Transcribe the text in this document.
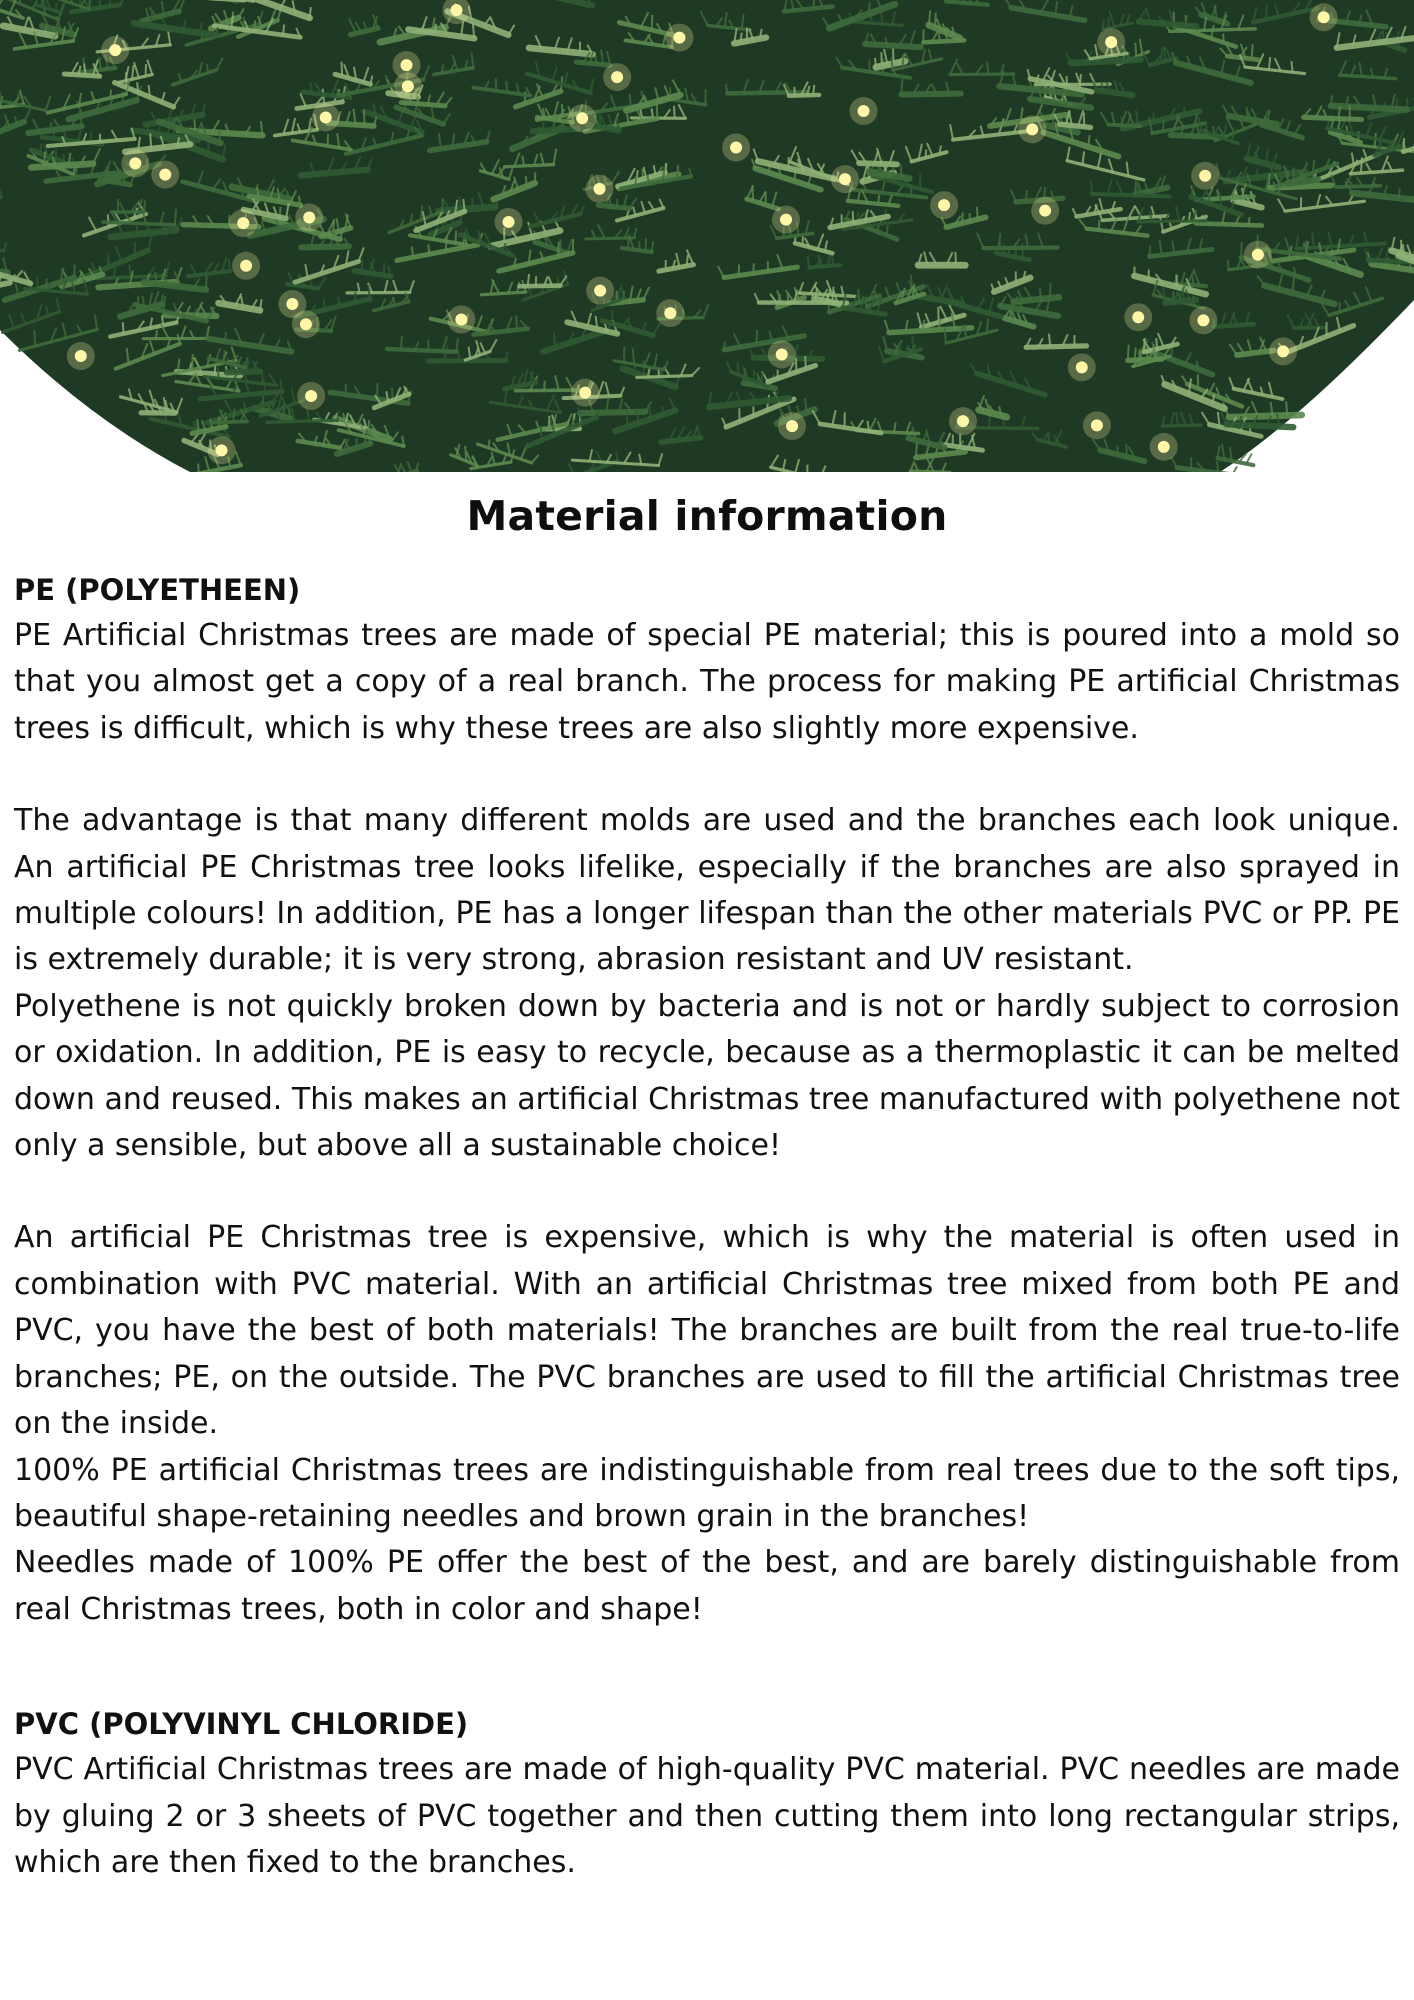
Material information

PE (POLYETHEEN)

PE Artificial Christmas trees are made of special PE material; this is poured into a mold so that you almost get a copy of a real branch. The process for making PE artificial Christmas trees is difficult, which is why these trees are also slightly more expensive.

The advantage is that many different molds are used and the branches each look unique. An artificial PE Christmas tree looks lifelike, especially if the branches are also sprayed in multiple colours! In addition, PE has a longer lifespan than the other materials PVC or PP. PE is extremely durable; it is very strong, abrasion resistant and UV resistant.

Polyethene is not quickly broken down by bacteria and is not or hardly subject to corrosion or oxidation. In addition, PE is easy to recycle, because as a thermoplastic it can be melted down and reused. This makes an artificial Christmas tree manufactured with polyethene not only a sensible, but above all a sustainable choice!

An artificial PE Christmas tree is expensive, which is why the material is often used in combination with PVC material. With an artificial Christmas tree mixed from both PE and PVC, you have the best of both materials! The branches are built from the real true-to-life branches; PE, on the outside. The PVC branches are used to fill the artificial Christmas tree on the inside.

100% PE artificial Christmas trees are indistinguishable from real trees due to the soft tips, beautiful shape-retaining needles and brown grain in the branches!

Needles made of 100% PE offer the best of the best, and are barely distinguishable from real Christmas trees, both in color and shape!

PVC (POLYVINYL CHLORIDE)

PVC Artificial Christmas trees are made of high-quality PVC material. PVC needles are made by gluing 2 or 3 sheets of PVC together and then cutting them into long rectangular strips, which are then fixed to the branches.
